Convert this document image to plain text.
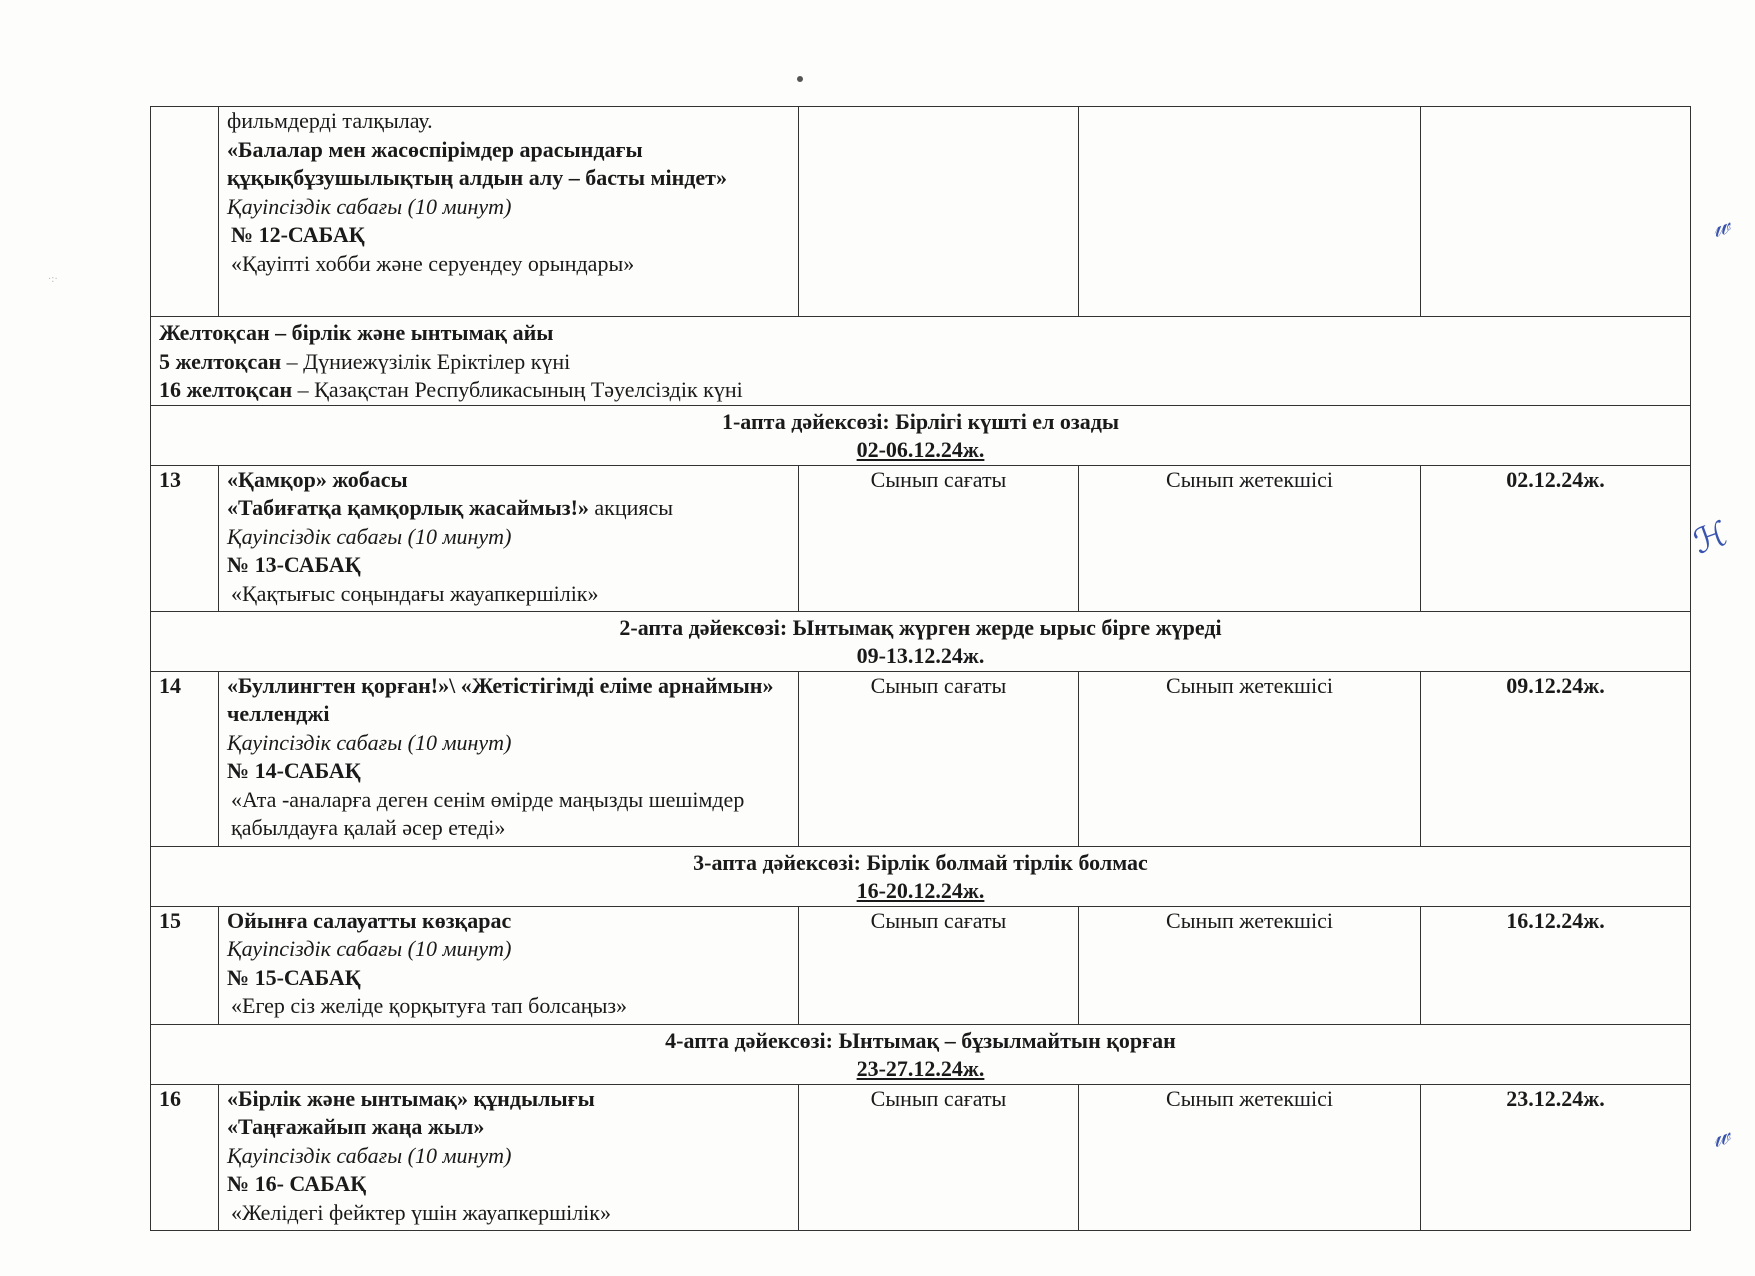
·:·
𝓌
ℋ
𝓌

	фильмдерді талқылау.
«Балалар мен жасөспірімдер арасындағы құқықбұзушылықтың алдын алу – басты міндет»
Қауіпсіздік сабағы (10 минут)
№ 12-САБАҚ
«Қауіпті хобби және серуендеу орындары»			

Желтоқсан – бірлік және ынтымақ айы
5 желтоқсан – Дүниежүзілік Еріктілер күні
16 желтоқсан – Қазақстан Республикасының Тәуелсіздік күні				

1-апта дәйексөзі: Бірлігі күшті ел озады
02-06.12.24ж.				

13	«Қамқор» жобасы
«Табиғатқа қамқорлық жасаймыз!» акциясы
Қауіпсіздік сабағы (10 минут)
№ 13-САБАҚ
«Қақтығыс соңындағы жауапкершілік»	Сынып сағаты	Сынып жетекшісі	02.12.24ж.

2-апта дәйексөзі: Ынтымақ жүрген жерде ырыс бірге жүреді
09-13.12.24ж.				

14	«Буллингтен қорған!»\ «Жетістігімді еліме арнаймын» челленджі
Қауіпсіздік сабағы (10 минут)
№ 14-САБАҚ
«Ата -аналарға деген сенім өмірде маңызды шешімдер қабылдауға қалай әсер етеді»	Сынып сағаты	Сынып жетекшісі	09.12.24ж.

3-апта дәйексөзі: Бірлік болмай тірлік болмас
16-20.12.24ж.				

15	Ойынға салауатты көзқарас
Қауіпсіздік сабағы (10 минут)
№ 15-САБАҚ
«Егер сіз желіде қорқытуға тап болсаңыз»	Сынып сағаты	Сынып жетекшісі	16.12.24ж.

4-апта дәйексөзі: Ынтымақ – бұзылмайтын қорған
23-27.12.24ж.				

16	«Бірлік және ынтымақ» құндылығы
«Таңғажайып жаңа жыл»
Қауіпсіздік сабағы (10 минут)
№ 16- САБАҚ
«Желідегі фейктер үшін жауапкершілік»	Сынып сағаты	Сынып жетекшісі	23.12.24ж.
